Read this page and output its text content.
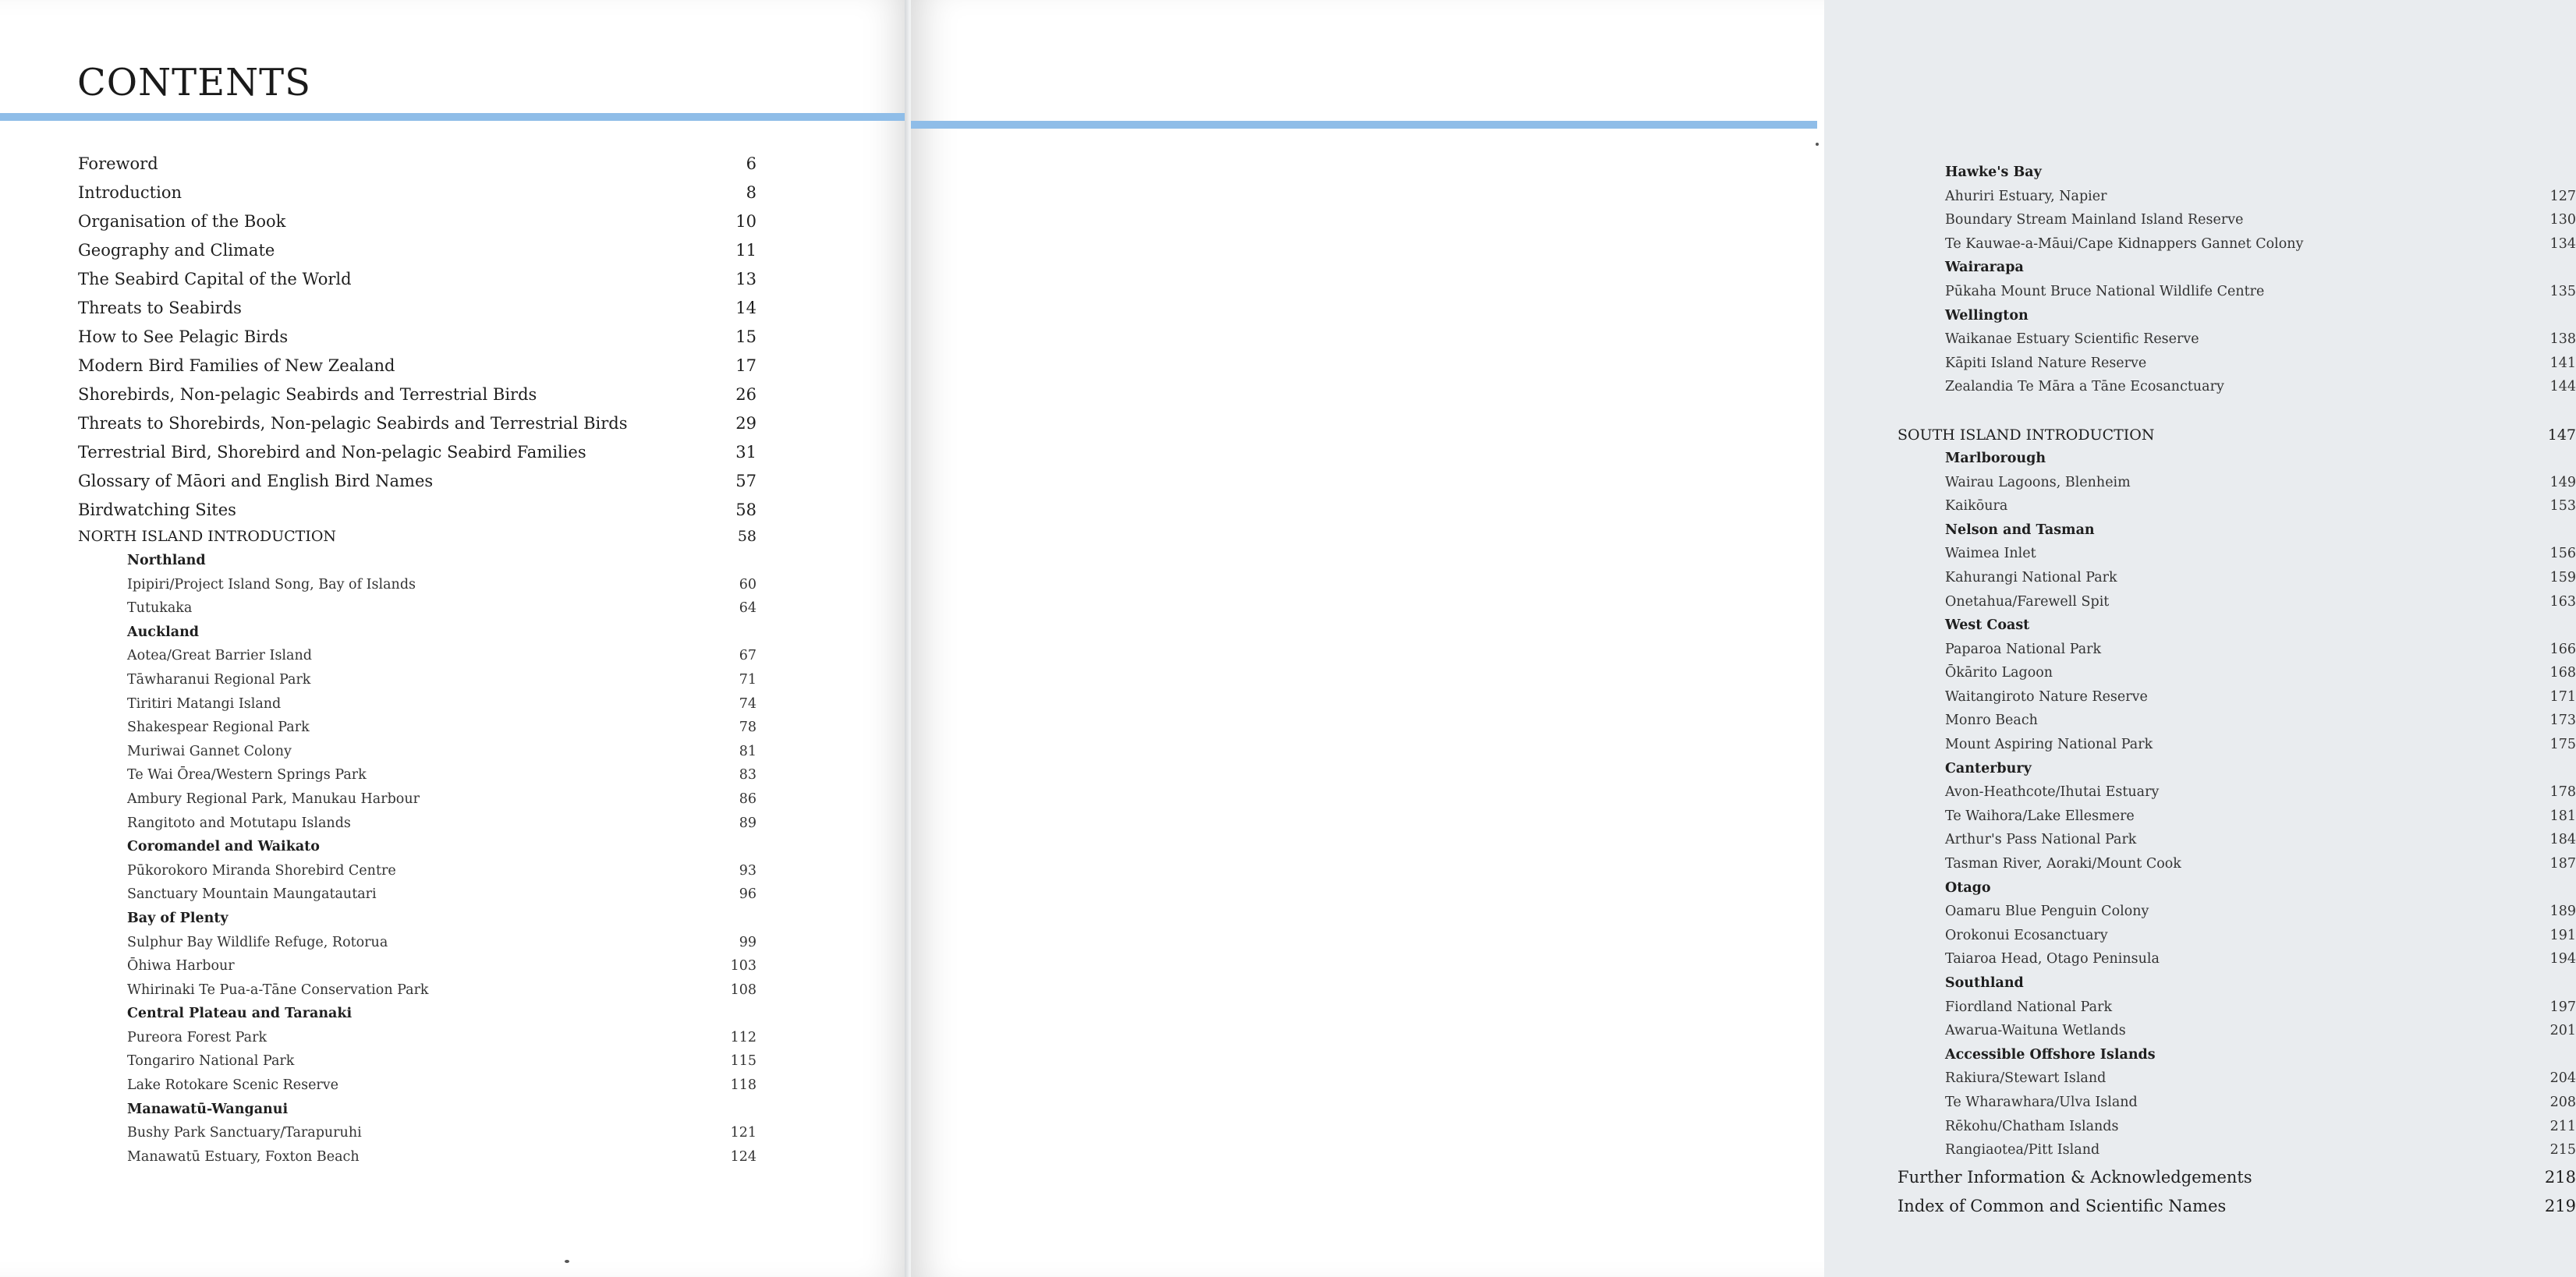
CONTENTS
Foreword	6
Introduction	8
Organisation of the Book	10
Geography and Climate	11
The Seabird Capital of the World	13
Threats to Seabirds	14
How to See Pelagic Birds	15
Modern Bird Families of New Zealand	17
Shorebirds, Non-pelagic Seabirds and Terrestrial Birds	26
Threats to Shorebirds, Non-pelagic Seabirds and Terrestrial Birds	29
Terrestrial Bird, Shorebird and Non-pelagic Seabird Families	31
Glossary of Māori and English Bird Names	57
Birdwatching Sites	58
NORTH ISLAND INTRODUCTION	58
Northland
Ipipiri/Project Island Song, Bay of Islands	60
Tutukaka	64
Auckland
Aotea/Great Barrier Island	67
Tāwharanui Regional Park	71
Tiritiri Matangi Island	74
Shakespear Regional Park	78
Muriwai Gannet Colony	81
Te Wai Ōrea/Western Springs Park	83
Ambury Regional Park, Manukau Harbour	86
Rangitoto and Motutapu Islands	89
Coromandel and Waikato
Pūkorokoro Miranda Shorebird Centre	93
Sanctuary Mountain Maungatautari	96
Bay of Plenty
Sulphur Bay Wildlife Refuge, Rotorua	99
Ōhiwa Harbour	103
Whirinaki Te Pua-a-Tāne Conservation Park	108
Central Plateau and Taranaki
Pureora Forest Park	112
Tongariro National Park	115
Lake Rotokare Scenic Reserve	118
Manawatū-Wanganui
Bushy Park Sanctuary/Tarapuruhi	121
Manawatū Estuary, Foxton Beach	124
Hawke's Bay
Ahuriri Estuary, Napier	127
Boundary Stream Mainland Island Reserve	130
Te Kauwae-a-Māui/Cape Kidnappers Gannet Colony	134
Wairarapa
Pūkaha Mount Bruce National Wildlife Centre	135
Wellington
Waikanae Estuary Scientific Reserve	138
Kāpiti Island Nature Reserve	141
Zealandia Te Māra a Tāne Ecosanctuary	144
SOUTH ISLAND INTRODUCTION	147
Marlborough
Wairau Lagoons, Blenheim	149
Kaikōura	153
Nelson and Tasman
Waimea Inlet	156
Kahurangi National Park	159
Onetahua/Farewell Spit	163
West Coast
Paparoa National Park	166
Ōkārito Lagoon	168
Waitangiroto Nature Reserve	171
Monro Beach	173
Mount Aspiring National Park	175
Canterbury
Avon-Heathcote/Ihutai Estuary	178
Te Waihora/Lake Ellesmere	181
Arthur's Pass National Park	184
Tasman River, Aoraki/Mount Cook	187
Otago
Oamaru Blue Penguin Colony	189
Orokonui Ecosanctuary	191
Taiaroa Head, Otago Peninsula	194
Southland
Fiordland National Park	197
Awarua-Waituna Wetlands	201
Accessible Offshore Islands
Rakiura/Stewart Island	204
Te Wharawhara/Ulva Island	208
Rēkohu/Chatham Islands	211
Rangiaotea/Pitt Island	215
Further Information & Acknowledgements	218
Index of Common and Scientific Names	219
